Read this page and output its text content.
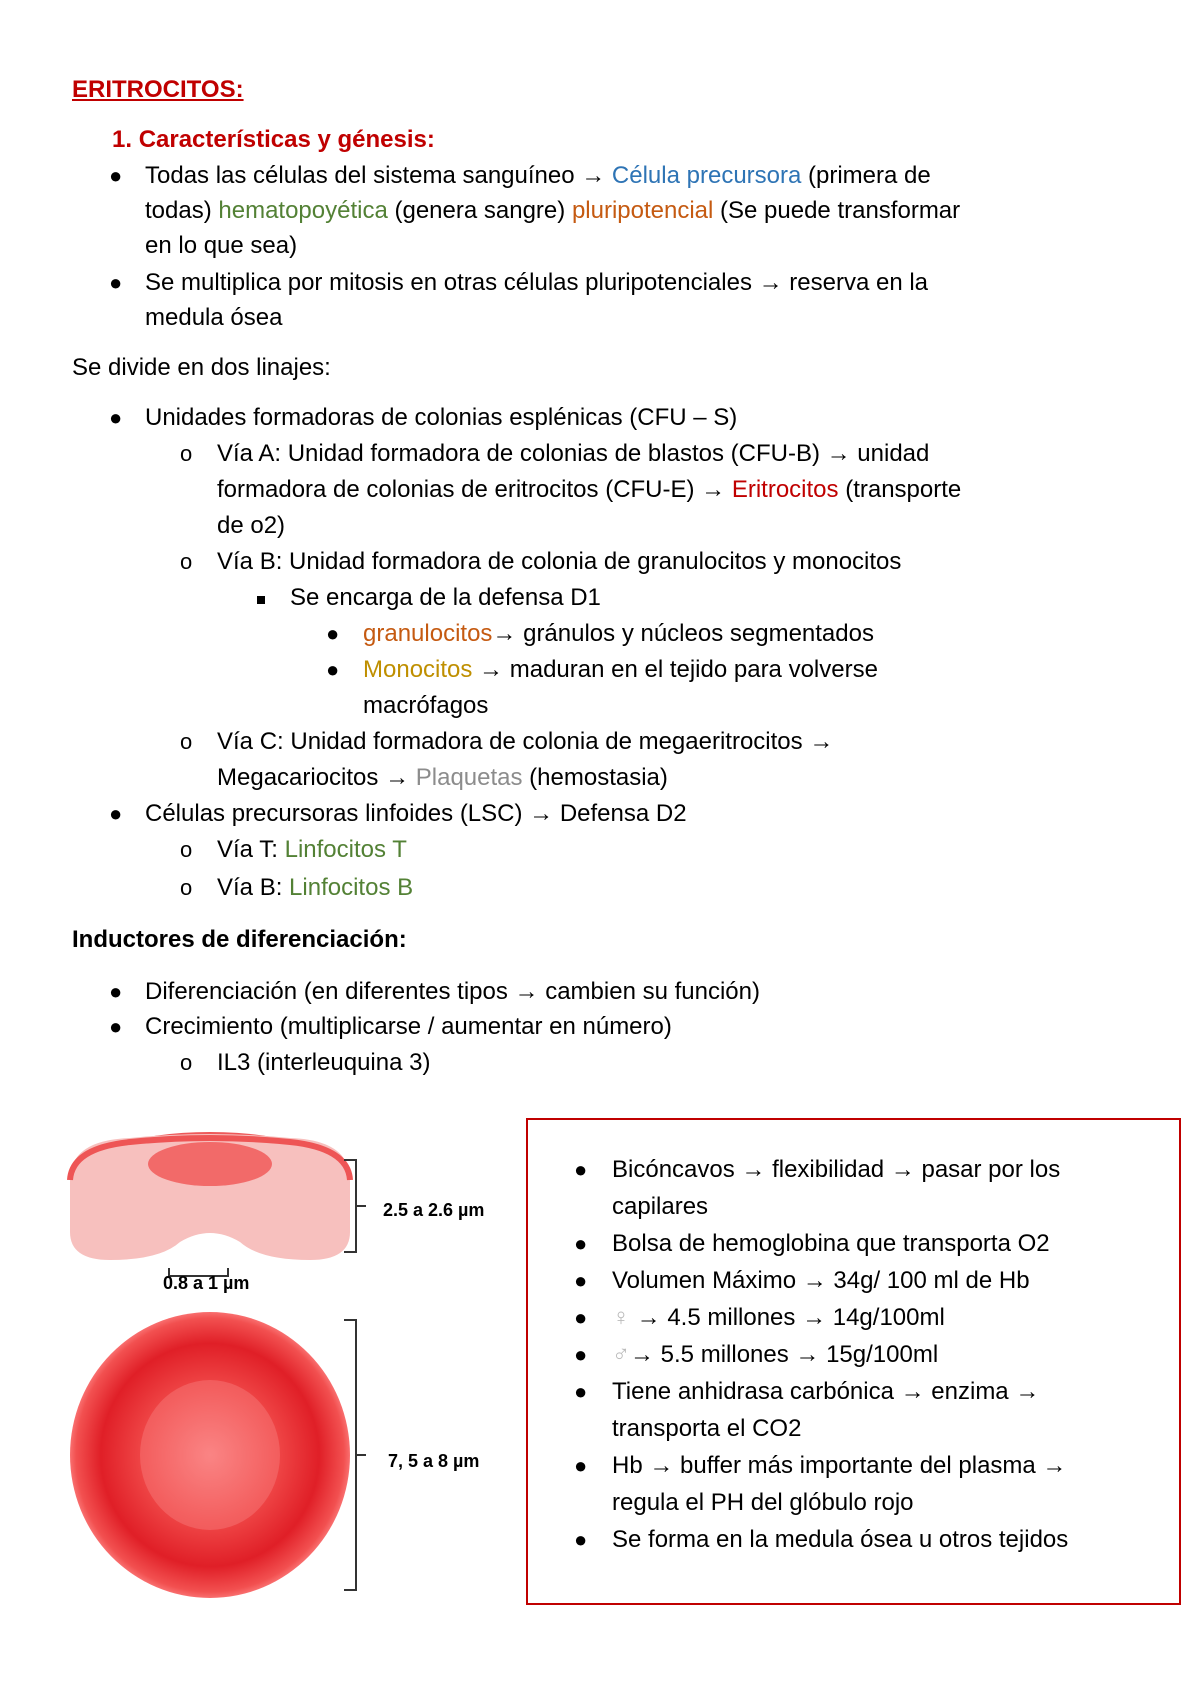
ERITROCITOS:
1. Características y génesis:
● Todas las células del sistema sanguíneo → Célula precursora (primera de
todas) hematopoyética (genera sangre) pluripotencial (Se puede transformar
en lo que sea)
● Se multiplica por mitosis en otras células pluripotenciales → reserva en la
medula ósea
Se divide en dos linajes:
● Unidades formadoras de colonias esplénicas (CFU – S)
o Vía A: Unidad formadora de colonias de blastos (CFU-B) → unidad
formadora de colonias de eritrocitos (CFU-E) → Eritrocitos (transporte
de o2)
o Vía B: Unidad formadora de colonia de granulocitos y monocitos
Se encarga de la defensa D1
● granulocitos→ gránulos y núcleos segmentados
● Monocitos → maduran en el tejido para volverse
macrófagos
o Vía C: Unidad formadora de colonia de megaeritrocitos →
Megacariocitos → Plaquetas (hemostasia)
● Células precursoras linfoides (LSC) → Defensa D2
o Vía T: Linfocitos T
o Vía B: Linfocitos B
Inductores de diferenciación:
● Diferenciación (en diferentes tipos → cambien su función)
● Crecimiento (multiplicarse / aumentar en número)
o IL3 (interleuquina 3)
2.5 a 2.6 µm
0.8 a 1 µm
7, 5 a 8 µm
● Bicóncavos → flexibilidad → pasar por los
capilares
● Bolsa de hemoglobina que transporta O2
● Volumen Máximo → 34g/ 100 ml de Hb
● ♀ → 4.5 millones → 14g/100ml
● ♂→ 5.5 millones → 15g/100ml
● Tiene anhidrasa carbónica → enzima →
transporta el CO2
● Hb → buffer más importante del plasma →
regula el PH del glóbulo rojo
● Se forma en la medula ósea u otros tejidos
